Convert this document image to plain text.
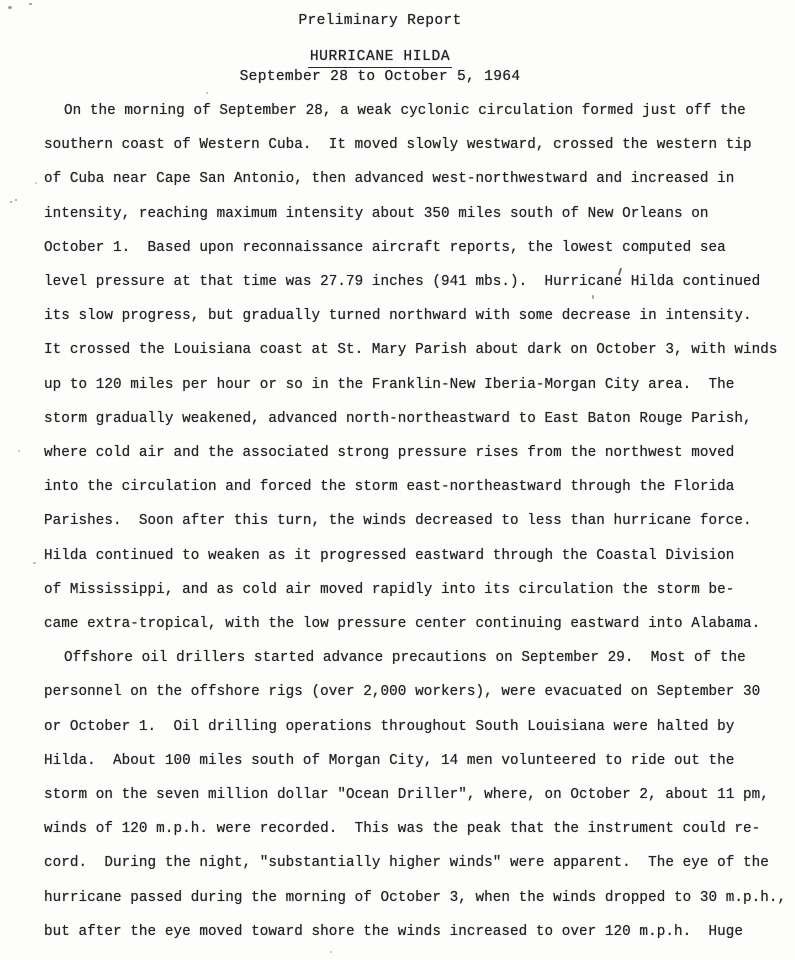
Preliminary Report
HURRICANE HILDA
September 28 to October 5, 1964
On the morning of September 28, a weak cyclonic circulation formed just off the
southern coast of Western Cuba.  It moved slowly westward, crossed the western tip
of Cuba near Cape San Antonio, then advanced west-northwestward and increased in
intensity, reaching maximum intensity about 350 miles south of New Orleans on
October 1.  Based upon reconnaissance aircraft reports, the lowest computed sea
level pressure at that time was 27.79 inches (941 mbs.).  Hurricane Hilda continued
its slow progress, but gradually turned northward with some decrease in intensity.
It crossed the Louisiana coast at St. Mary Parish about dark on October 3, with winds
up to 120 miles per hour or so in the Franklin-New Iberia-Morgan City area.  The
storm gradually weakened, advanced north-northeastward to East Baton Rouge Parish,
where cold air and the associated strong pressure rises from the northwest moved
into the circulation and forced the storm east-northeastward through the Florida
Parishes.  Soon after this turn, the winds decreased to less than hurricane force.
Hilda continued to weaken as it progressed eastward through the Coastal Division
of Mississippi, and as cold air moved rapidly into its circulation the storm be-
came extra-tropical, with the low pressure center continuing eastward into Alabama.
Offshore oil drillers started advance precautions on September 29.  Most of the
personnel on the offshore rigs (over 2,000 workers), were evacuated on September 30
or October 1.  Oil drilling operations throughout South Louisiana were halted by
Hilda.  About 100 miles south of Morgan City, 14 men volunteered to ride out the
storm on the seven million dollar "Ocean Driller", where, on October 2, about 11 pm,
winds of 120 m.p.h. were recorded.  This was the peak that the instrument could re-
cord.  During the night, "substantially higher winds" were apparent.  The eye of the
hurricane passed during the morning of October 3, when the winds dropped to 30 m.p.h.,
but after the eye moved toward shore the winds increased to over 120 m.p.h.  Huge
